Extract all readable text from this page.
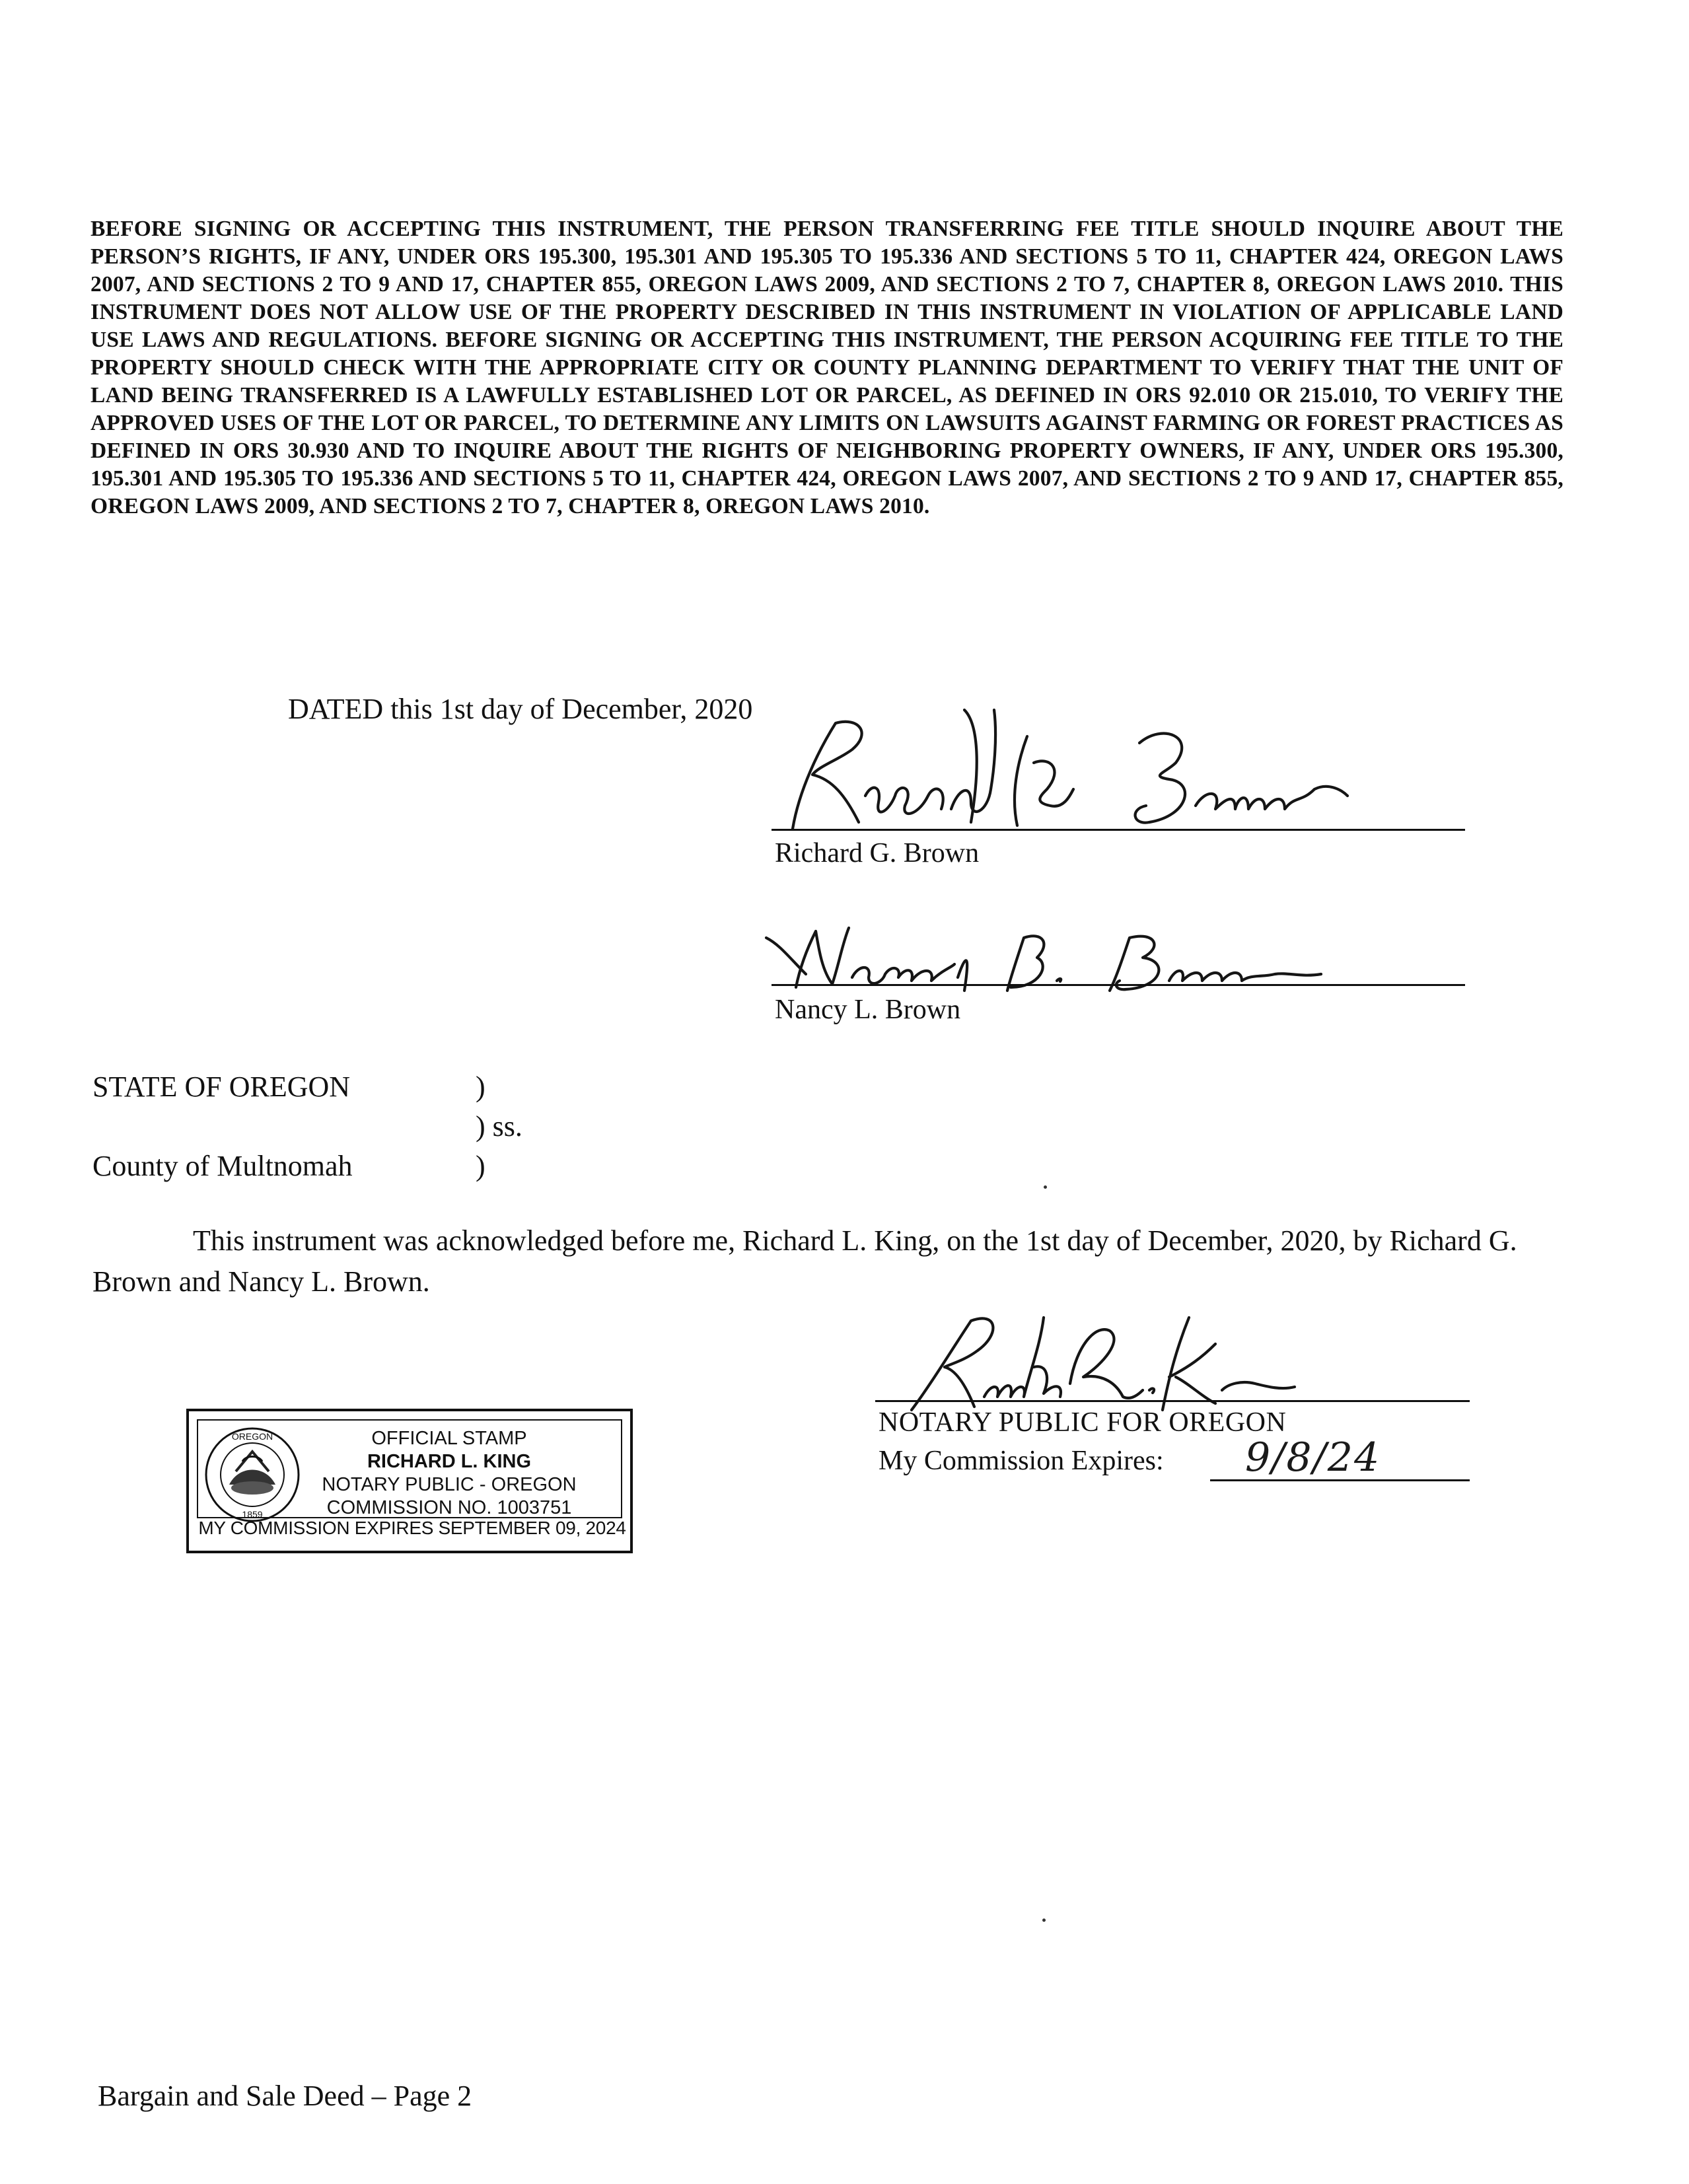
BEFORE SIGNING OR ACCEPTING THIS INSTRUMENT, THE PERSON TRANSFERRING FEE TITLE SHOULD INQUIRE ABOUT THE PERSON’S RIGHTS, IF ANY, UNDER ORS 195.300, 195.301 AND 195.305 TO 195.336 AND SECTIONS 5 TO 11, CHAPTER 424, OREGON LAWS 2007, AND SECTIONS 2 TO 9 AND 17, CHAPTER 855, OREGON LAWS 2009, AND SECTIONS 2 TO 7, CHAPTER 8, OREGON LAWS 2010. THIS INSTRUMENT DOES NOT ALLOW USE OF THE PROPERTY DESCRIBED IN THIS INSTRUMENT IN VIOLATION OF APPLICABLE LAND USE LAWS AND REGULATIONS. BEFORE SIGNING OR ACCEPTING THIS INSTRUMENT, THE PERSON ACQUIRING FEE TITLE TO THE PROPERTY SHOULD CHECK WITH THE APPROPRIATE CITY OR COUNTY PLANNING DEPARTMENT TO VERIFY THAT THE UNIT OF LAND BEING TRANSFERRED IS A LAWFULLY ESTABLISHED LOT OR PARCEL, AS DEFINED IN ORS 92.010 OR 215.010, TO VERIFY THE APPROVED USES OF THE LOT OR PARCEL, TO DETERMINE ANY LIMITS ON LAWSUITS AGAINST FARMING OR FOREST PRACTICES AS DEFINED IN ORS 30.930 AND TO INQUIRE ABOUT THE RIGHTS OF NEIGHBORING PROPERTY OWNERS, IF ANY, UNDER ORS 195.300, 195.301 AND 195.305 TO 195.336 AND SECTIONS 5 TO 11, CHAPTER 424, OREGON LAWS 2007, AND SECTIONS 2 TO 9 AND 17, CHAPTER 855, OREGON LAWS 2009, AND SECTIONS 2 TO 7, CHAPTER 8, OREGON LAWS 2010.
DATED this 1st day of December, 2020
Richard G. Brown
Nancy L. Brown
STATE OF OREGON	)
) ss.
County of Multnomah	)
This instrument was acknowledged before me, Richard L. King, on the 1st day of December, 2020, by Richard G. Brown and Nancy L. Brown.
NOTARY PUBLIC FOR OREGON
My Commission Expires: 9/8/24
MY COMMISSION EXPIRES SEPTEMBER 09, 2024
OREGON
1859
OFFICIAL STAMP
RICHARD L. KING
NOTARY PUBLIC - OREGON
COMMISSION NO. 1003751
Bargain and Sale Deed – Page 2
